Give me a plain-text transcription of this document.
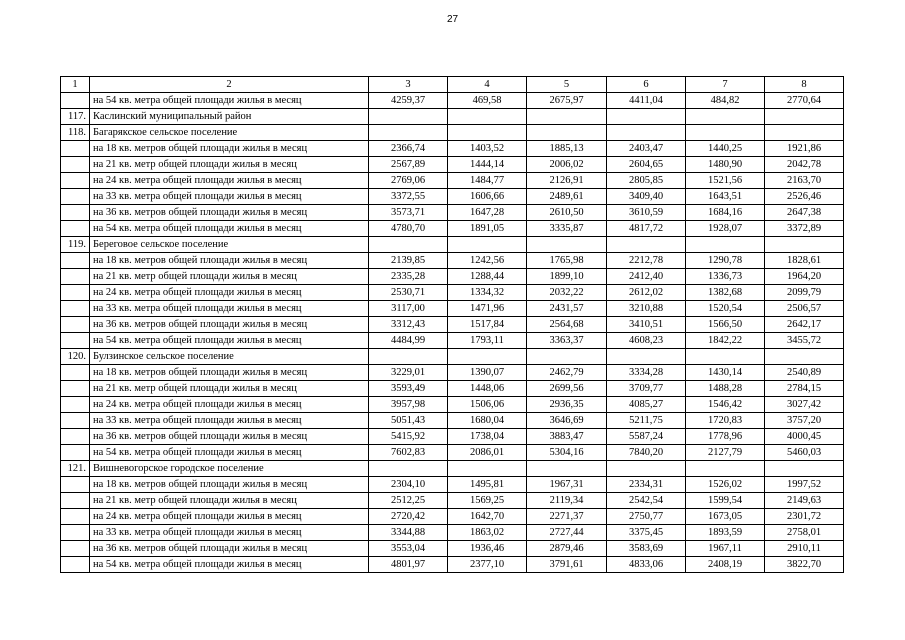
27
1	2	3	4	5	6	7	8
	на 54 кв. метра общей площади жилья в месяц	4259,37	469,58	2675,97	4411,04	484,82	2770,64
117.	Каслинский муниципальный район						
118.	Багарякское сельское поселение						
	на 18 кв. метров общей площади жилья в месяц	2366,74	1403,52	1885,13	2403,47	1440,25	1921,86
	на 21 кв. метр общей площади жилья в месяц	2567,89	1444,14	2006,02	2604,65	1480,90	2042,78
	на 24 кв. метра общей площади жилья в месяц	2769,06	1484,77	2126,91	2805,85	1521,56	2163,70
	на 33 кв. метра общей площади жилья в месяц	3372,55	1606,66	2489,61	3409,40	1643,51	2526,46
	на 36 кв. метров общей площади жилья в месяц	3573,71	1647,28	2610,50	3610,59	1684,16	2647,38
	на 54 кв. метра общей площади жилья в месяц	4780,70	1891,05	3335,87	4817,72	1928,07	3372,89
119.	Береговое сельское поселение						
	на 18 кв. метров общей площади жилья в месяц	2139,85	1242,56	1765,98	2212,78	1290,78	1828,61
	на 21 кв. метр общей площади жилья в месяц	2335,28	1288,44	1899,10	2412,40	1336,73	1964,20
	на 24 кв. метра общей площади жилья в месяц	2530,71	1334,32	2032,22	2612,02	1382,68	2099,79
	на 33 кв. метра общей площади жилья в месяц	3117,00	1471,96	2431,57	3210,88	1520,54	2506,57
	на 36 кв. метров общей площади жилья в месяц	3312,43	1517,84	2564,68	3410,51	1566,50	2642,17
	на 54 кв. метра общей площади жилья в месяц	4484,99	1793,11	3363,37	4608,23	1842,22	3455,72
120.	Булзинское сельское поселение						
	на 18 кв. метров общей площади жилья в месяц	3229,01	1390,07	2462,79	3334,28	1430,14	2540,89
	на 21 кв. метр общей площади жилья в месяц	3593,49	1448,06	2699,56	3709,77	1488,28	2784,15
	на 24 кв. метра общей площади жилья в месяц	3957,98	1506,06	2936,35	4085,27	1546,42	3027,42
	на 33 кв. метра общей площади жилья в месяц	5051,43	1680,04	3646,69	5211,75	1720,83	3757,20
	на 36 кв. метров общей площади жилья в месяц	5415,92	1738,04	3883,47	5587,24	1778,96	4000,45
	на 54 кв. метра общей площади жилья в месяц	7602,83	2086,01	5304,16	7840,20	2127,79	5460,03
121.	Вишневогорское городское поселение						
	на 18 кв. метров общей площади жилья в месяц	2304,10	1495,81	1967,31	2334,31	1526,02	1997,52
	на 21 кв. метр общей площади жилья в месяц	2512,25	1569,25	2119,34	2542,54	1599,54	2149,63
	на 24 кв. метра общей площади жилья в месяц	2720,42	1642,70	2271,37	2750,77	1673,05	2301,72
	на 33 кв. метра общей площади жилья в месяц	3344,88	1863,02	2727,44	3375,45	1893,59	2758,01
	на 36 кв. метров общей площади жилья в месяц	3553,04	1936,46	2879,46	3583,69	1967,11	2910,11
	на 54 кв. метра общей площади жилья в месяц	4801,97	2377,10	3791,61	4833,06	2408,19	3822,70
